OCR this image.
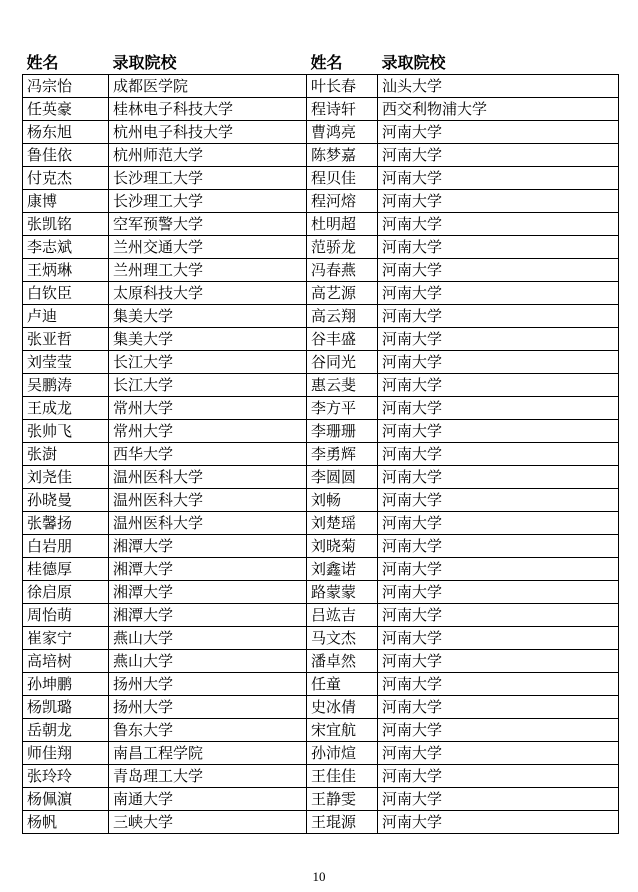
姓名	录取院校	姓名	录取院校
冯宗怡	成都医学院	叶长春	汕头大学
任英豪	桂林电子科技大学	程诗轩	西交利物浦大学
杨东旭	杭州电子科技大学	曹鸿亮	河南大学
鲁佳依	杭州师范大学	陈梦嘉	河南大学
付克杰	长沙理工大学	程贝佳	河南大学
康博	长沙理工大学	程河熔	河南大学
张凯铭	空军预警大学	杜明超	河南大学
李志斌	兰州交通大学	范骄龙	河南大学
王炳琳	兰州理工大学	冯春燕	河南大学
白钦臣	太原科技大学	高艺源	河南大学
卢迪	集美大学	高云翔	河南大学
张亚哲	集美大学	谷丰盛	河南大学
刘莹莹	长江大学	谷同光	河南大学
吴鹏涛	长江大学	惠云斐	河南大学
王成龙	常州大学	李方平	河南大学
张帅飞	常州大学	李珊珊	河南大学
张澍	西华大学	李勇辉	河南大学
刘尧佳	温州医科大学	李圆圆	河南大学
孙晓曼	温州医科大学	刘畅	河南大学
张馨扬	温州医科大学	刘楚瑶	河南大学
白岩朋	湘潭大学	刘晓菊	河南大学
桂德厚	湘潭大学	刘鑫诺	河南大学
徐启原	湘潭大学	路蒙蒙	河南大学
周怡萌	湘潭大学	吕竑吉	河南大学
崔家宁	燕山大学	马文杰	河南大学
高培树	燕山大学	潘卓然	河南大学
孙坤鹏	扬州大学	任童	河南大学
杨凯璐	扬州大学	史冰倩	河南大学
岳朝龙	鲁东大学	宋宜航	河南大学
师佳翔	南昌工程学院	孙沛煊	河南大学
张玲玲	青岛理工大学	王佳佳	河南大学
杨佩濵	南通大学	王静雯	河南大学
杨帆	三峡大学	王琨源	河南大学
10
